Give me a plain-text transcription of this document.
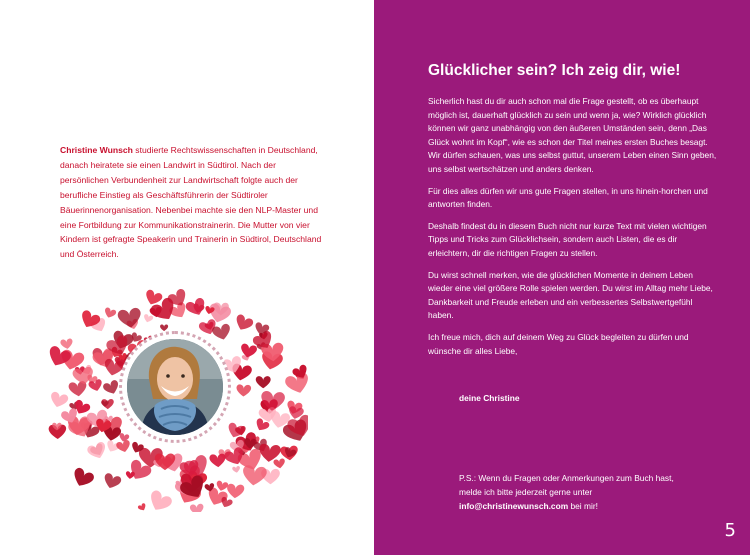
Christine Wunsch studierte Rechtswissenschaften in Deutschland, danach heiratete sie einen Landwirt in Südtirol. Nach der persönlichen Verbundenheit zur Landwirtschaft folgte auch der berufliche Einstieg als Geschäftsführerin der Südtiroler Bäuerinnenorganisation. Nebenbei machte sie den NLP-Master und eine Fortbildung zur Kommunikationstrainerin. Die Mutter von vier Kindern ist gefragte Speakerin und Trainerin in Südtirol, Deutschland und Österreich.
Glücklicher sein? Ich zeig dir, wie!

Sicherlich hast du dir auch schon mal die Frage gestellt, ob es überhaupt möglich ist, dauerhaft glücklich zu sein und wenn ja, wie? Wirklich glücklich können wir ganz unabhängig von den äußeren Umständen sein, denn „Das Glück wohnt im Kopf“, wie es schon der Titel meines ersten Buches besagt. Wir dürfen schauen, was uns selbst guttut, unserem Leben einen Sinn geben, uns selbst wertschätzen und anders denken.

Für dies alles dürfen wir uns gute Fragen stellen, in uns hinein-horchen und antworten finden.

Deshalb findest du in diesem Buch nicht nur kurze Text mit vielen wichtigen Tipps und Tricks zum Glücklichsein, sondern auch Listen, die es dir erleichtern, dir die richtigen Fragen zu stellen.

Du wirst schnell merken, wie die glücklichen Momente in deinem Leben wieder eine viel größere Rolle spielen werden. Du wirst im Alltag mehr Liebe, Dankbarkeit und Freude erleben und ein verbessertes Selbstwertgefühl haben.

Ich freue mich, dich auf deinem Weg zu Glück begleiten zu dürfen und wünsche dir alles Liebe,

deine Christine
P.S.: Wenn du Fragen oder Anmerkungen zum Buch hast,
melde ich bitte jederzeit gerne unter
info@christinewunsch.com bei mir!
5
